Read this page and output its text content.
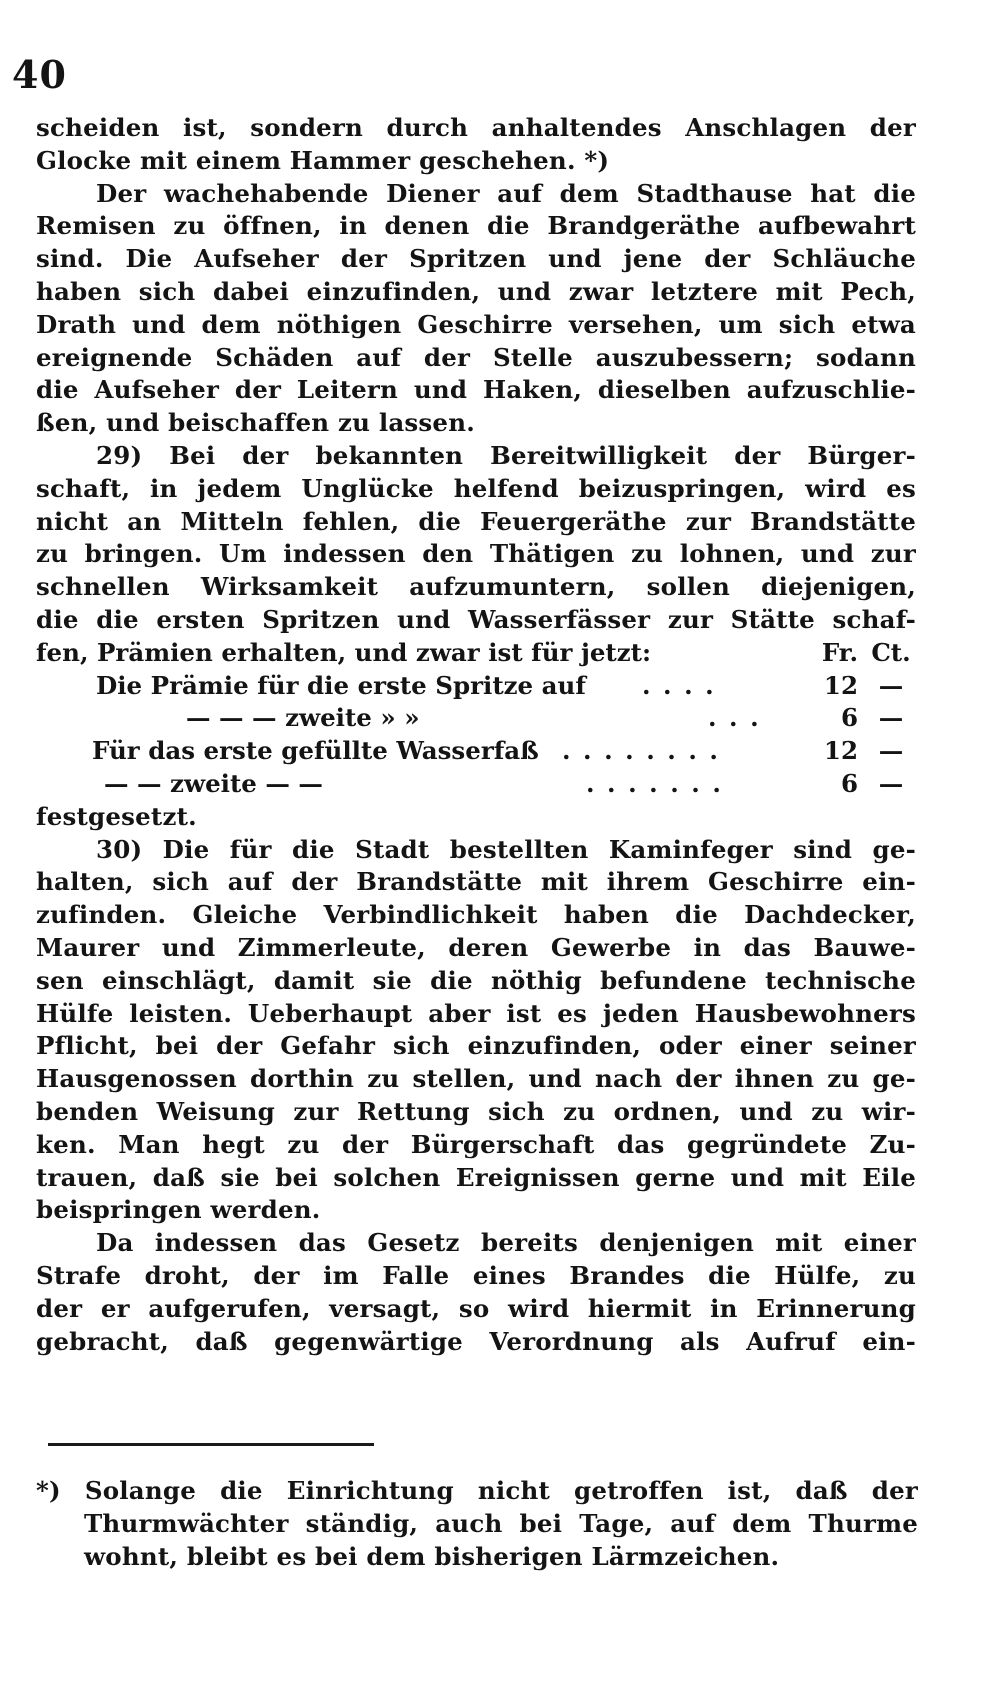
40
scheiden ist, sondern durch anhaltendes Anschlagen der
Glocke mit einem Hammer geschehen. *)
Der wachehabende Diener auf dem Stadthause hat die
Remisen zu öffnen, in denen die Brandgeräthe aufbewahrt
sind. Die Aufseher der Spritzen und jene der Schläuche
haben sich dabei einzufinden, und zwar letztere mit Pech,
Drath und dem nöthigen Geschirre versehen, um sich etwa
ereignende Schäden auf der Stelle auszubessern; sodann
die Aufseher der Leitern und Haken, dieselben aufzuschlie-
ßen, und beischaffen zu lassen.
29) Bei der bekannten Bereitwilligkeit der Bürger-
schaft, in jedem Unglücke helfend beizuspringen, wird es
nicht an Mitteln fehlen, die Feuergeräthe zur Brandstätte
zu bringen. Um indessen den Thätigen zu lohnen, und zur
schnellen Wirksamkeit aufzumuntern, sollen diejenigen,
die die ersten Spritzen und Wasserfässer zur Stätte schaf-
fen, Prämien erhalten, und zwar ist für jetzt:	Fr. Ct.
Die Prämie für die erste Spritze auf . . . .	12 —
— — — zweite » »	. . .	6 —
Für das erste gefüllte Wasserfaß . . . . . . . .	12 —
— — zweite — —	. . . . . . .	6 —
festgesetzt.
30) Die für die Stadt bestellten Kaminfeger sind ge-
halten, sich auf der Brandstätte mit ihrem Geschirre ein-
zufinden. Gleiche Verbindlichkeit haben die Dachdecker,
Maurer und Zimmerleute, deren Gewerbe in das Bauwe-
sen einschlägt, damit sie die nöthig befundene technische
Hülfe leisten. Ueberhaupt aber ist es jeden Hausbewohners
Pflicht, bei der Gefahr sich einzufinden, oder einer seiner
Hausgenossen dorthin zu stellen, und nach der ihnen zu ge-
benden Weisung zur Rettung sich zu ordnen, und zu wir-
ken. Man hegt zu der Bürgerschaft das gegründete Zu-
trauen, daß sie bei solchen Ereignissen gerne und mit Eile
beispringen werden.
Da indessen das Gesetz bereits denjenigen mit einer
Strafe droht, der im Falle eines Brandes die Hülfe, zu
der er aufgerufen, versagt, so wird hiermit in Erinnerung
gebracht, daß gegenwärtige Verordnung als Aufruf ein-
*) Solange die Einrichtung nicht getroffen ist, daß der
Thurmwächter ständig, auch bei Tage, auf dem Thurme
wohnt, bleibt es bei dem bisherigen Lärmzeichen.
